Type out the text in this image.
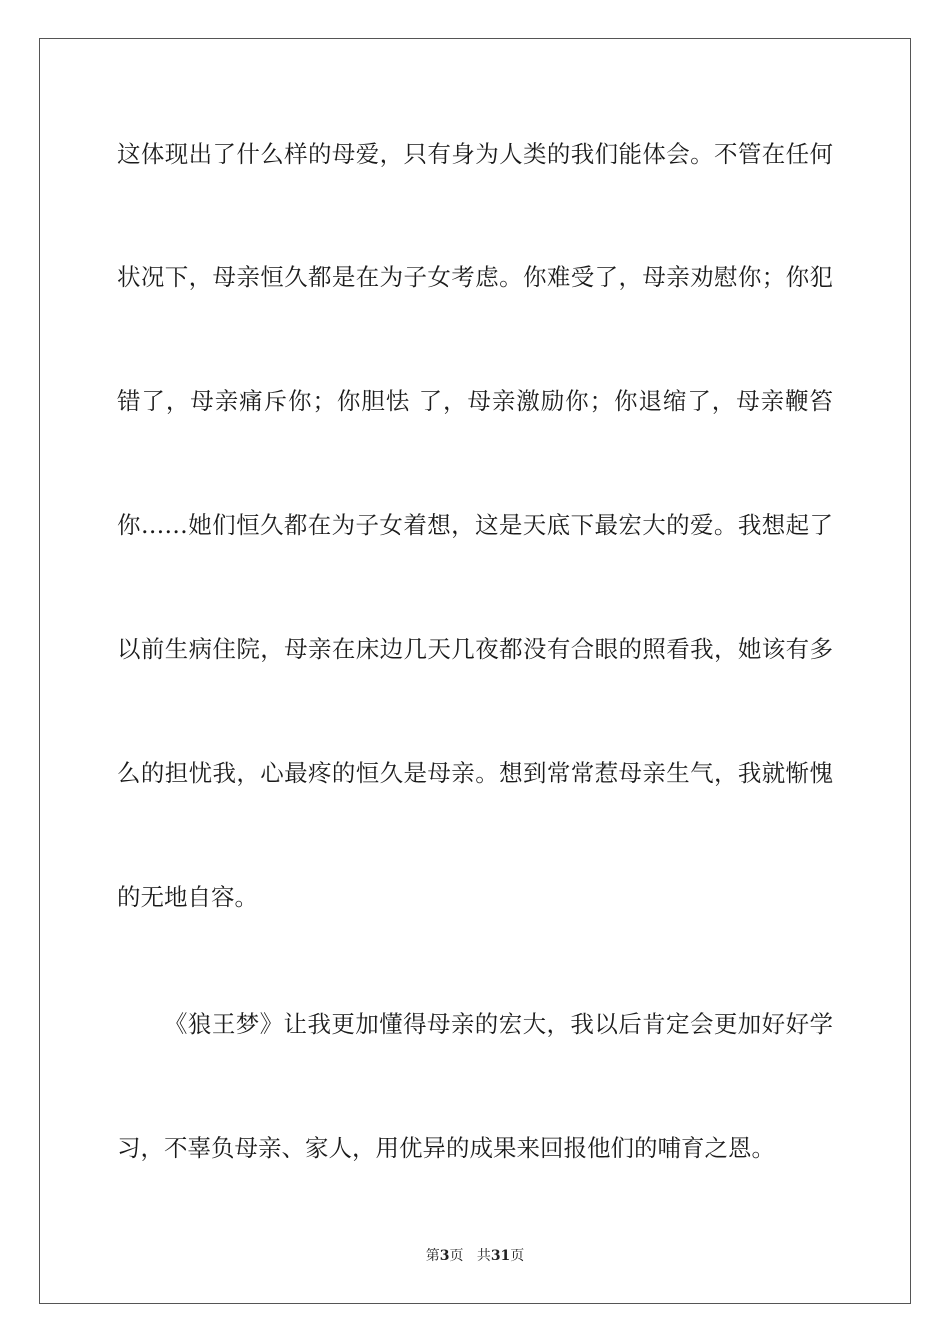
这体现出了什么样的母爱，只有身为人类的我们能体会。不管在任何
状况下，母亲恒久都是在为子女考虑。你难受了，母亲劝慰你；你犯
错了，母亲痛斥你；你胆怯 了，母亲激励你；你退缩了，母亲鞭笞
你……她们恒久都在为子女着想，这是天底下最宏大的爱。我想起了
以前生病住院，母亲在床边几天几夜都没有合眼的照看我，她该有多
么的担忧我，心最疼的恒久是母亲。想到常常惹母亲生气，我就惭愧
的无地自容。
《狼王梦》让我更加懂得母亲的宏大，我以后肯定会更加好好学
习，不辜负母亲、家人，用优异的成果来回报他们的哺育之恩。
第3页 共31页
